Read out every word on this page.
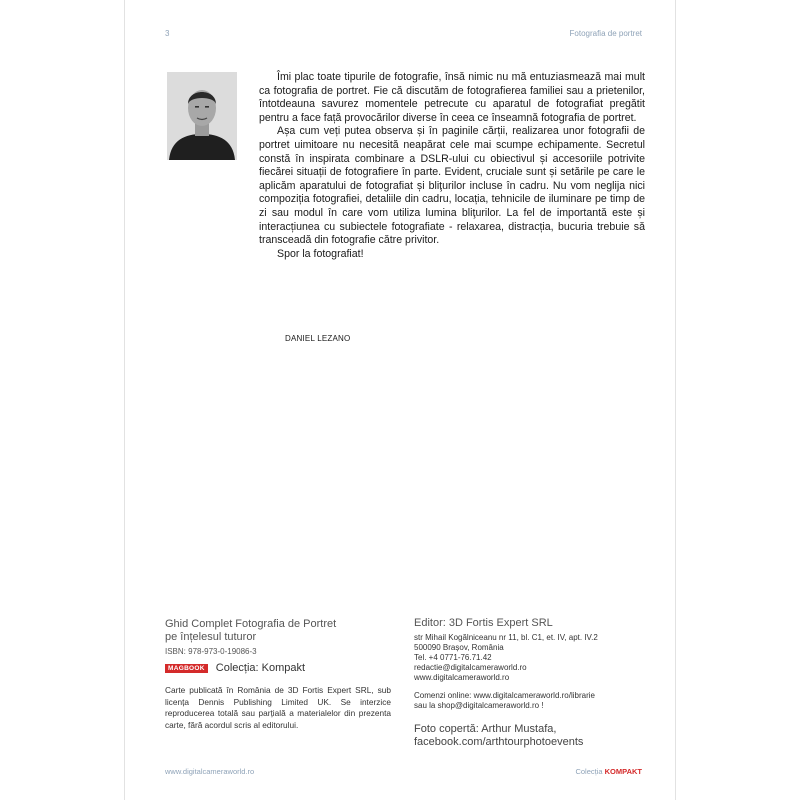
3	Fotografia de portret

Îmi plac toate tipurile de fotografie, însă nimic nu mă entuziasmează mai mult ca fotografia de portret. Fie că discutăm de fotografierea familiei sau a prietenilor, întotdeauna savurez momentele petrecute cu aparatul de fotografiat pregătit pentru a face față provocărilor diverse în ceea ce înseamnă fotografia de portret.

Așa cum veți putea observa și în paginile cărții, realizarea unor fotografii de portret uimitoare nu necesită neapărat cele mai scumpe echipamente. Secretul constă în inspirata combinare a DSLR-ului cu obiectivul și accesoriile potrivite fiecărei situații de fotografiere în parte. Evident, cruciale sunt și setările pe care le aplicăm aparatului de fotografiat și bliţurilor incluse în cadru. Nu vom neglija nici compoziția fotografiei, detaliile din cadru, locația, tehnicile de iluminare pe timp de zi sau modul în care vom utiliza lumina bliţurilor. La fel de importantă este și interacțiunea cu subiectele fotografiate - relaxarea, distracția, bucuria trebuie să transceadă din fotografie către privitor.

Spor la fotografiat!

DANIEL LEZANO
Ghid Complet Fotografia de Portret
pe înțelesul tuturor
ISBN: 978-973-0-19086-3
MAGBOOK Colecția: Kompakt
Carte publicată în România de 3D Fortis Expert SRL, sub licența Dennis Publishing Limited UK. Se interzice reproducerea totală sau parțială a materialelor din prezenta carte, fără acordul scris al editorului.
www.digitalcameraworld.ro
Editor: 3D Fortis Expert SRL
str Mihail Kogălniceanu nr 11, bl. C1, et. IV, apt. IV.2
500090 Brașov, România
Tel. +4 0771-76.71.42
redactie@digitalcameraworld.ro
www.digitalcameraworld.ro
Comenzi online: www.digitalcameraworld.ro/librarie
sau la shop@digitalcameraworld.ro !
Foto copertă: Arthur Mustafa,
facebook.com/arthtourphotoevents
Colecția KOMPAKT
